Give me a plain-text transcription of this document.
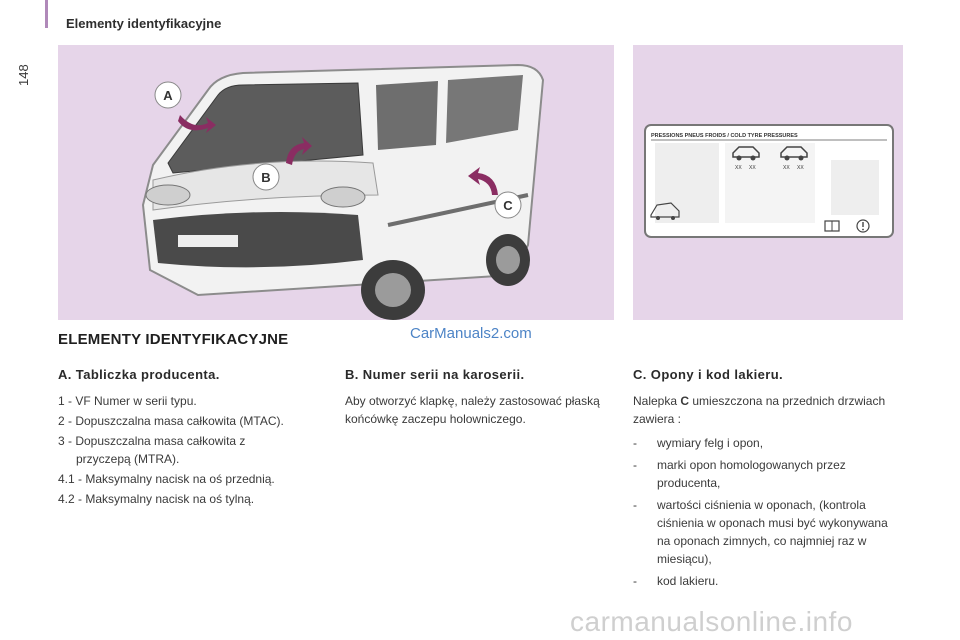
Elementy identyfikacyjne
148
A
B
C
PRESSIONS PNEUS FROIDS / COLD TYRE PRESSURES
XX XX	XX XX
ELEMENTY IDENTYFIKACYJNE	CarManuals2.com
A. Tabliczka producenta.
1 - VF Numer w serii typu.
2 - Dopuszczalna masa całkowita (MTAC).
3 - Dopuszczalna masa całkowita z
przyczepą (MTRA).
4.1 - Maksymalny nacisk na oś przednią.
4.2 - Maksymalny nacisk na oś tylną.
B. Numer serii na karoserii.
Aby otworzyć klapkę, należy zastosować płaską końcówkę zaczepu holowniczego.
C. Opony i kod lakieru.
Nalepka C umieszczona na przednich drzwiach zawiera :
-	wymiary felg i opon,
-	marki opon homologowanych przez producenta,
-	wartości ciśnienia w oponach, (kontrola ciśnienia w oponach musi być wykonywana na oponach zimnych, co najmniej raz w miesiącu),
-	kod lakieru.
carmanualsonline.info
